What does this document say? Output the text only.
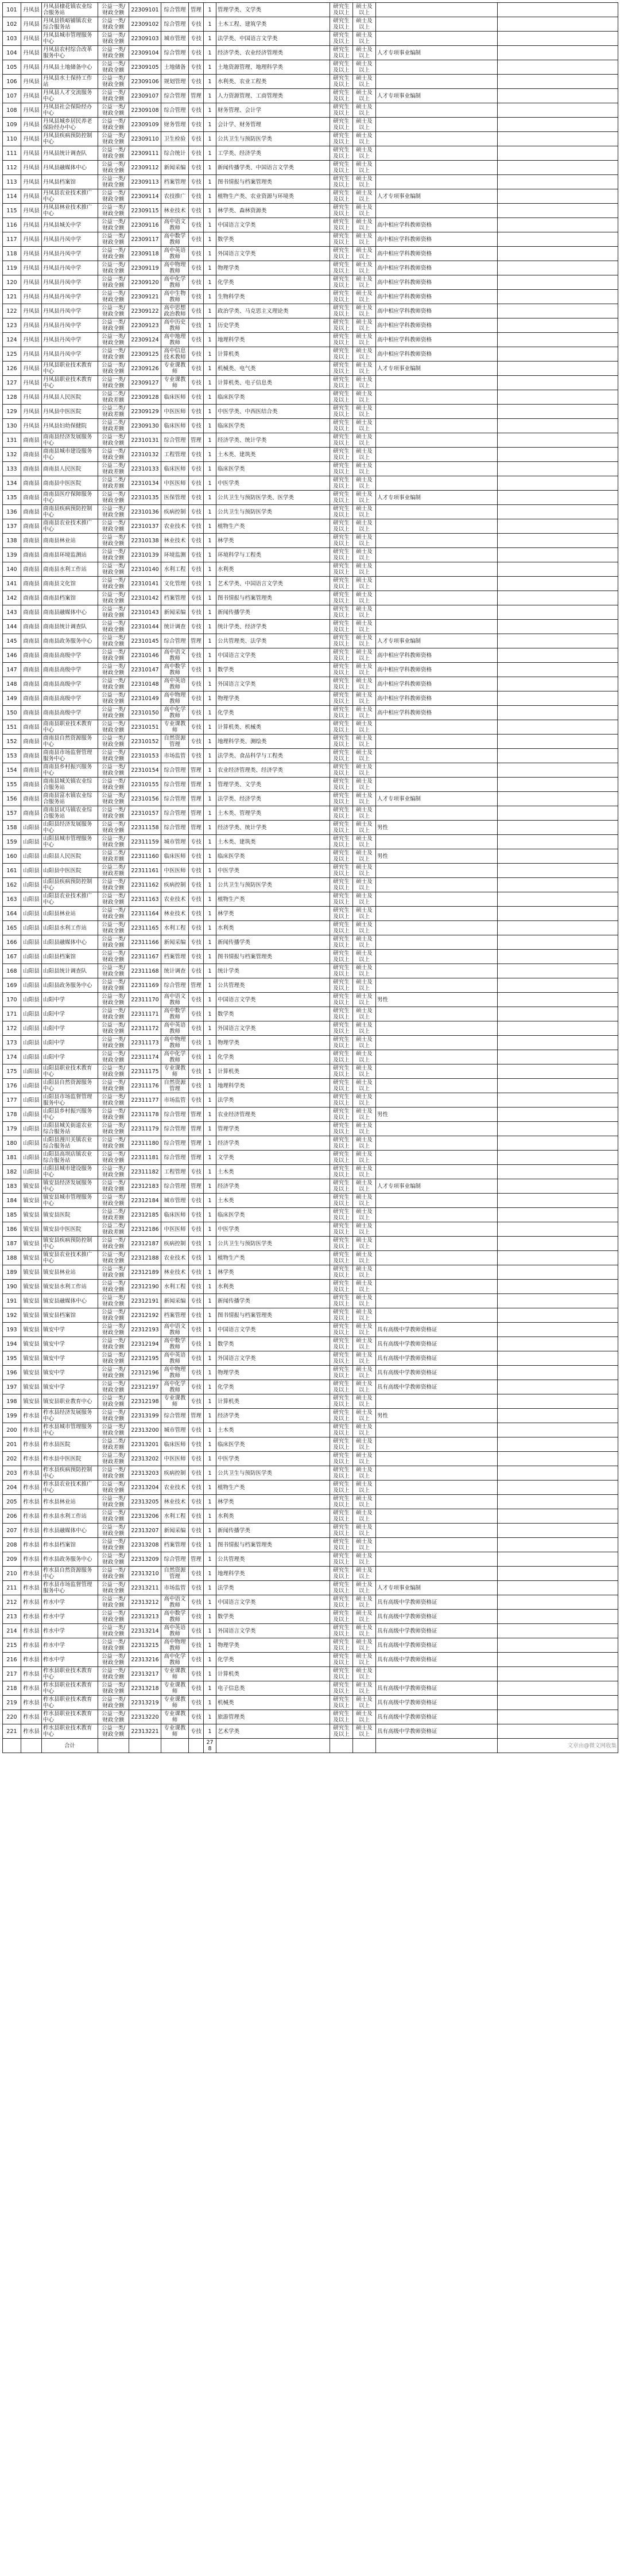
101	丹凤县	丹凤县棣花镇农业综合服务站	公益一类/财政全额	22309101	综合管理	管理	1	管理学类、文学类	研究生及以上	硕士及以上		
102	丹凤县	丹凤县铁峪铺镇农业综合服务站	公益一类/财政全额	22309102	综合管理	专技	1	土木工程、建筑学类	研究生及以上	硕士及以上		
103	丹凤县	丹凤县城市管理服务中心	公益一类/财政全额	22309103	城市管理	专技	1	法学类、中国语言文学类	研究生及以上	硕士及以上		
104	丹凤县	丹凤县农村综合改革服务中心	公益一类/财政全额	22309104	综合管理	专技	1	经济学类、农业经济管理类	研究生及以上	硕士及以上	人才专项事业编制	
105	丹凤县	丹凤县土地储备中心	公益一类/财政全额	22309105	土地储备	专技	1	土地资源管理、地理科学类	研究生及以上	硕士及以上		
106	丹凤县	丹凤县水土保持工作站	公益一类/财政全额	22309106	规划管理	专技	1	水利类、农业工程类	研究生及以上	硕士及以上		
107	丹凤县	丹凤县人才交流服务中心	公益一类/财政全额	22309107	综合管理	管理	1	人力资源管理、工商管理类	研究生及以上	硕士及以上	人才专项事业编制	
108	丹凤县	丹凤县社会保险经办中心	公益一类/财政全额	22309108	综合管理	专技	1	财务管理、会计学	研究生及以上	硕士及以上		
109	丹凤县	丹凤县城乡居民养老保险经办中心	公益一类/财政全额	22309109	财务管理	专技	1	会计学、财务管理	研究生及以上	硕士及以上		
110	丹凤县	丹凤县疾病预防控制中心	公益一类/财政全额	22309110	卫生检验	专技	1	公共卫生与预防医学类	研究生及以上	硕士及以上		
111	丹凤县	丹凤县统计调查队	公益一类/财政全额	22309111	综合统计	专技	1	工学类、经济学类	研究生及以上	硕士及以上		
112	丹凤县	丹凤县融媒体中心	公益一类/财政全额	22309112	新闻采编	专技	1	新闻传播学类、中国语言文学类	研究生及以上	硕士及以上		
113	丹凤县	丹凤县档案馆	公益一类/财政全额	22309113	档案管理	专技	1	图书情报与档案管理类	研究生及以上	硕士及以上		
114	丹凤县	丹凤县农业技术推广中心	公益一类/财政全额	22309114	农技推广	专技	1	植物生产类、农业资源与环境类	研究生及以上	硕士及以上	人才专项事业编制	
115	丹凤县	丹凤县林业技术推广中心	公益一类/财政全额	22309115	林业技术	专技	1	林学类、森林资源类	研究生及以上	硕士及以上		
116	丹凤县	丹凤县城关中学	公益一类/财政全额	22309116	高中语文教师	专技	1	中国语言文学类	研究生及以上	硕士及以上	高中相应学科教师资格	
117	丹凤县	丹凤县丹凤中学	公益一类/财政全额	22309117	高中数学教师	专技	1	数学类	研究生及以上	硕士及以上	高中相应学科教师资格	
118	丹凤县	丹凤县丹凤中学	公益一类/财政全额	22309118	高中英语教师	专技	1	外国语言文学类	研究生及以上	硕士及以上	高中相应学科教师资格	
119	丹凤县	丹凤县丹凤中学	公益一类/财政全额	22309119	高中物理教师	专技	1	物理学类	研究生及以上	硕士及以上	高中相应学科教师资格	
120	丹凤县	丹凤县丹凤中学	公益一类/财政全额	22309120	高中化学教师	专技	1	化学类	研究生及以上	硕士及以上	高中相应学科教师资格	
121	丹凤县	丹凤县丹凤中学	公益一类/财政全额	22309121	高中生物教师	专技	1	生物科学类	研究生及以上	硕士及以上	高中相应学科教师资格	
122	丹凤县	丹凤县丹凤中学	公益一类/财政全额	22309122	高中思想政治教师	专技	1	政治学类、马克思主义理论类	研究生及以上	硕士及以上	高中相应学科教师资格	
123	丹凤县	丹凤县丹凤中学	公益一类/财政全额	22309123	高中历史教师	专技	1	历史学类	研究生及以上	硕士及以上	高中相应学科教师资格	
124	丹凤县	丹凤县丹凤中学	公益一类/财政全额	22309124	高中地理教师	专技	1	地理科学类	研究生及以上	硕士及以上	高中相应学科教师资格	
125	丹凤县	丹凤县丹凤中学	公益一类/财政全额	22309125	高中信息技术教师	专技	1	计算机类	研究生及以上	硕士及以上	高中相应学科教师资格	
126	丹凤县	丹凤县职业技术教育中心	公益一类/财政全额	22309126	专业课教师	专技	1	机械类、电气类	研究生及以上	硕士及以上	人才专项事业编制	
127	丹凤县	丹凤县职业技术教育中心	公益一类/财政全额	22309127	专业课教师	专技	1	计算机类、电子信息类	研究生及以上	硕士及以上		
128	丹凤县	丹凤县人民医院	公益二类/财政差额	22309128	临床医师	专技	1	临床医学类	研究生及以上	硕士及以上		
129	丹凤县	丹凤县中医医院	公益二类/财政差额	22309129	中医医师	专技	1	中医学类、中西医结合类	研究生及以上	硕士及以上		
130	丹凤县	丹凤县妇幼保健院	公益二类/财政差额	22309130	临床医师	专技	1	临床医学类	研究生及以上	硕士及以上		
131	商南县	商南县经济发展服务中心	公益一类/财政全额	22310131	综合管理	管理	1	经济学类、统计学类	研究生及以上	硕士及以上		
132	商南县	商南县城市建设服务中心	公益一类/财政全额	22310132	工程管理	专技	1	土木类、建筑类	研究生及以上	硕士及以上		
133	商南县	商南县人民医院	公益二类/财政差额	22310133	临床医师	专技	1	临床医学类	研究生及以上	硕士及以上		
134	商南县	商南县中医医院	公益二类/财政差额	22310134	中医医师	专技	1	中医学类	研究生及以上	硕士及以上		
135	商南县	商南县医疗保障服务中心	公益一类/财政全额	22310135	医保管理	专技	1	公共卫生与预防医学类、医学类	研究生及以上	硕士及以上	人才专项事业编制	
136	商南县	商南县疾病预防控制中心	公益一类/财政全额	22310136	疾病控制	专技	1	公共卫生与预防医学类	研究生及以上	硕士及以上		
137	商南县	商南县农业技术推广中心	公益一类/财政全额	22310137	农业技术	专技	1	植物生产类	研究生及以上	硕士及以上		
138	商南县	商南县林业站	公益一类/财政全额	22310138	林业技术	专技	1	林学类	研究生及以上	硕士及以上		
139	商南县	商南县环境监测站	公益一类/财政全额	22310139	环境监测	专技	1	环境科学与工程类	研究生及以上	硕士及以上		
140	商南县	商南县水利工作站	公益一类/财政全额	22310140	水利工程	专技	1	水利类	研究生及以上	硕士及以上		
141	商南县	商南县文化馆	公益一类/财政全额	22310141	文化管理	专技	1	艺术学类、中国语言文学类	研究生及以上	硕士及以上		
142	商南县	商南县档案馆	公益一类/财政全额	22310142	档案管理	专技	1	图书情报与档案管理类	研究生及以上	硕士及以上		
143	商南县	商南县融媒体中心	公益一类/财政全额	22310143	新闻采编	专技	1	新闻传播学类	研究生及以上	硕士及以上		
144	商南县	商南县统计调查队	公益一类/财政全额	22310144	统计调查	专技	1	统计学类、经济学类	研究生及以上	硕士及以上		
145	商南县	商南县政务服务中心	公益一类/财政全额	22310145	综合管理	管理	1	公共管理类、法学类	研究生及以上	硕士及以上	人才专项事业编制	
146	商南县	商南县高级中学	公益一类/财政全额	22310146	高中语文教师	专技	1	中国语言文学类	研究生及以上	硕士及以上	高中相应学科教师资格	
147	商南县	商南县高级中学	公益一类/财政全额	22310147	高中数学教师	专技	1	数学类	研究生及以上	硕士及以上	高中相应学科教师资格	
148	商南县	商南县高级中学	公益一类/财政全额	22310148	高中英语教师	专技	1	外国语言文学类	研究生及以上	硕士及以上	高中相应学科教师资格	
149	商南县	商南县高级中学	公益一类/财政全额	22310149	高中物理教师	专技	1	物理学类	研究生及以上	硕士及以上	高中相应学科教师资格	
150	商南县	商南县高级中学	公益一类/财政全额	22310150	高中化学教师	专技	1	化学类	研究生及以上	硕士及以上	高中相应学科教师资格	
151	商南县	商南县职业技术教育中心	公益一类/财政全额	22310151	专业课教师	专技	1	计算机类、机械类	研究生及以上	硕士及以上		
152	商南县	商南县自然资源服务中心	公益一类/财政全额	22310152	自然资源管理	专技	1	地理科学类、测绘类	研究生及以上	硕士及以上		
153	商南县	商南县市场监督管理服务中心	公益一类/财政全额	22310153	市场监管	专技	1	法学类、食品科学与工程类	研究生及以上	硕士及以上		
154	商南县	商南县乡村振兴服务中心	公益一类/财政全额	22310154	综合管理	管理	1	农业经济管理类、经济学类	研究生及以上	硕士及以上		
155	商南县	商南县城关镇农业综合服务站	公益一类/财政全额	22310155	综合管理	管理	1	管理学类、文学类	研究生及以上	硕士及以上		
156	商南县	商南县富水镇农业综合服务站	公益一类/财政全额	22310156	综合管理	管理	1	法学类、经济学类	研究生及以上	硕士及以上	人才专项事业编制	
157	商南县	商南县试马镇农业综合服务站	公益一类/财政全额	22310157	综合管理	管理	1	土木类、管理学类	研究生及以上	硕士及以上		
158	山阳县	山阳县经济发展服务中心	公益一类/财政全额	22311158	综合管理	管理	1	经济学类、统计学类	研究生及以上	硕士及以上	男性	
159	山阳县	山阳县城市管理服务中心	公益一类/财政全额	22311159	城市管理	专技	1	土木类、建筑类	研究生及以上	硕士及以上		
160	山阳县	山阳县人民医院	公益二类/财政差额	22311160	临床医师	专技	1	临床医学类	研究生及以上	硕士及以上	男性	
161	山阳县	山阳县中医医院	公益二类/财政差额	22311161	中医医师	专技	1	中医学类	研究生及以上	硕士及以上		
162	山阳县	山阳县疾病预防控制中心	公益一类/财政全额	22311162	疾病控制	专技	1	公共卫生与预防医学类	研究生及以上	硕士及以上		
163	山阳县	山阳县农业技术推广中心	公益一类/财政全额	22311163	农业技术	专技	1	植物生产类	研究生及以上	硕士及以上		
164	山阳县	山阳县林业站	公益一类/财政全额	22311164	林业技术	专技	1	林学类	研究生及以上	硕士及以上		
165	山阳县	山阳县水利工作站	公益一类/财政全额	22311165	水利工程	专技	1	水利类	研究生及以上	硕士及以上		
166	山阳县	山阳县融媒体中心	公益一类/财政全额	22311166	新闻采编	专技	1	新闻传播学类	研究生及以上	硕士及以上		
167	山阳县	山阳县档案馆	公益一类/财政全额	22311167	档案管理	专技	1	图书情报与档案管理类	研究生及以上	硕士及以上		
168	山阳县	山阳县统计调查队	公益一类/财政全额	22311168	统计调查	专技	1	统计学类	研究生及以上	硕士及以上		
169	山阳县	山阳县政务服务中心	公益一类/财政全额	22311169	综合管理	管理	1	公共管理类	研究生及以上	硕士及以上		
170	山阳县	山阳中学	公益一类/财政全额	22311170	高中语文教师	专技	1	中国语言文学类	研究生及以上	硕士及以上	男性	
171	山阳县	山阳中学	公益一类/财政全额	22311171	高中数学教师	专技	1	数学类	研究生及以上	硕士及以上		
172	山阳县	山阳中学	公益一类/财政全额	22311172	高中英语教师	专技	1	外国语言文学类	研究生及以上	硕士及以上		
173	山阳县	山阳中学	公益一类/财政全额	22311173	高中物理教师	专技	1	物理学类	研究生及以上	硕士及以上		
174	山阳县	山阳中学	公益一类/财政全额	22311174	高中化学教师	专技	1	化学类	研究生及以上	硕士及以上		
175	山阳县	山阳县职业技术教育中心	公益一类/财政全额	22311175	专业课教师	专技	1	计算机类	研究生及以上	硕士及以上		
176	山阳县	山阳县自然资源服务中心	公益一类/财政全额	22311176	自然资源管理	专技	1	地理科学类	研究生及以上	硕士及以上		
177	山阳县	山阳县市场监督管理服务中心	公益一类/财政全额	22311177	市场监管	专技	1	法学类	研究生及以上	硕士及以上		
178	山阳县	山阳县乡村振兴服务中心	公益一类/财政全额	22311178	综合管理	管理	1	农业经济管理类	研究生及以上	硕士及以上	男性	
179	山阳县	山阳县城关街道农业综合服务站	公益一类/财政全额	22311179	综合管理	管理	1	管理学类	研究生及以上	硕士及以上		
180	山阳县	山阳县漫川关镇农业综合服务站	公益一类/财政全额	22311180	综合管理	管理	1	经济学类	研究生及以上	硕士及以上		
181	山阳县	山阳县高坝店镇农业综合服务站	公益一类/财政全额	22311181	综合管理	管理	1	文学类	研究生及以上	硕士及以上		
182	山阳县	山阳县城市建设服务中心	公益一类/财政全额	22311182	工程管理	专技	1	土木类	研究生及以上	硕士及以上		
183	镇安县	镇安县经济发展服务中心	公益一类/财政全额	22312183	综合管理	管理	1	经济学类	研究生及以上	硕士及以上	人才专项事业编制	
184	镇安县	镇安县城市管理服务中心	公益一类/财政全额	22312184	城市管理	专技	1	土木类	研究生及以上	硕士及以上		
185	镇安县	镇安县医院	公益二类/财政差额	22312185	临床医师	专技	1	临床医学类	研究生及以上	硕士及以上		
186	镇安县	镇安县中医医院	公益二类/财政差额	22312186	中医医师	专技	1	中医学类	研究生及以上	硕士及以上		
187	镇安县	镇安县疾病预防控制中心	公益一类/财政全额	22312187	疾病控制	专技	1	公共卫生与预防医学类	研究生及以上	硕士及以上		
188	镇安县	镇安县农业技术推广中心	公益一类/财政全额	22312188	农业技术	专技	1	植物生产类	研究生及以上	硕士及以上		
189	镇安县	镇安县林业站	公益一类/财政全额	22312189	林业技术	专技	1	林学类	研究生及以上	硕士及以上		
190	镇安县	镇安县水利工作站	公益一类/财政全额	22312190	水利工程	专技	1	水利类	研究生及以上	硕士及以上		
191	镇安县	镇安县融媒体中心	公益一类/财政全额	22312191	新闻采编	专技	1	新闻传播学类	研究生及以上	硕士及以上		
192	镇安县	镇安县档案馆	公益一类/财政全额	22312192	档案管理	专技	1	图书情报与档案管理类	研究生及以上	硕士及以上		
193	镇安县	镇安中学	公益一类/财政全额	22312193	高中语文教师	专技	1	中国语言文学类	研究生及以上	硕士及以上	具有高级中学教师资格证	
194	镇安县	镇安中学	公益一类/财政全额	22312194	高中数学教师	专技	1	数学类	研究生及以上	硕士及以上	具有高级中学教师资格证	
195	镇安县	镇安中学	公益一类/财政全额	22312195	高中英语教师	专技	1	外国语言文学类	研究生及以上	硕士及以上	具有高级中学教师资格证	
196	镇安县	镇安中学	公益一类/财政全额	22312196	高中物理教师	专技	1	物理学类	研究生及以上	硕士及以上	具有高级中学教师资格证	
197	镇安县	镇安中学	公益一类/财政全额	22312197	高中化学教师	专技	1	化学类	研究生及以上	硕士及以上	具有高级中学教师资格证	
198	镇安县	镇安县职业教育中心	公益一类/财政全额	22312198	专业课教师	专技	1	计算机类	研究生及以上	硕士及以上		
199	柞水县	柞水县经济发展服务中心	公益一类/财政全额	22313199	综合管理	管理	1	经济学类	研究生及以上	硕士及以上	男性	
200	柞水县	柞水县城市管理服务中心	公益一类/财政全额	22313200	城市管理	专技	1	土木类	研究生及以上	硕士及以上		
201	柞水县	柞水县医院	公益二类/财政差额	22313201	临床医师	专技	1	临床医学类	研究生及以上	硕士及以上		
202	柞水县	柞水县中医医院	公益二类/财政差额	22313202	中医医师	专技	1	中医学类	研究生及以上	硕士及以上		
203	柞水县	柞水县疾病预防控制中心	公益一类/财政全额	22313203	疾病控制	专技	1	公共卫生与预防医学类	研究生及以上	硕士及以上		
204	柞水县	柞水县农业技术推广中心	公益一类/财政全额	22313204	农业技术	专技	1	植物生产类	研究生及以上	硕士及以上		
205	柞水县	柞水县林业站	公益一类/财政全额	22313205	林业技术	专技	1	林学类	研究生及以上	硕士及以上		
206	柞水县	柞水县水利工作站	公益一类/财政全额	22313206	水利工程	专技	1	水利类	研究生及以上	硕士及以上		
207	柞水县	柞水县融媒体中心	公益一类/财政全额	22313207	新闻采编	专技	1	新闻传播学类	研究生及以上	硕士及以上		
208	柞水县	柞水县档案馆	公益一类/财政全额	22313208	档案管理	专技	1	图书情报与档案管理类	研究生及以上	硕士及以上		
209	柞水县	柞水县政务服务中心	公益一类/财政全额	22313209	综合管理	管理	1	公共管理类	研究生及以上	硕士及以上		
210	柞水县	柞水县自然资源服务中心	公益一类/财政全额	22313210	自然资源管理	专技	1	地理科学类	研究生及以上	硕士及以上		
211	柞水县	柞水县市场监督管理服务中心	公益一类/财政全额	22313211	市场监管	专技	1	法学类	研究生及以上	硕士及以上	人才专项事业编制	
212	柞水县	柞水中学	公益一类/财政全额	22313212	高中语文教师	专技	1	中国语言文学类	研究生及以上	硕士及以上	具有高级中学教师资格证	
213	柞水县	柞水中学	公益一类/财政全额	22313213	高中数学教师	专技	1	数学类	研究生及以上	硕士及以上	具有高级中学教师资格证	
214	柞水县	柞水中学	公益一类/财政全额	22313214	高中英语教师	专技	1	外国语言文学类	研究生及以上	硕士及以上	具有高级中学教师资格证	
215	柞水县	柞水中学	公益一类/财政全额	22313215	高中物理教师	专技	1	物理学类	研究生及以上	硕士及以上	具有高级中学教师资格证	
216	柞水县	柞水中学	公益一类/财政全额	22313216	高中化学教师	专技	1	化学类	研究生及以上	硕士及以上	具有高级中学教师资格证	
217	柞水县	柞水县职业技术教育中心	公益一类/财政全额	22313217	专业课教师	专技	1	计算机类	研究生及以上	硕士及以上		
218	柞水县	柞水县职业技术教育中心	公益一类/财政全额	22313218	专业课教师	专技	1	电子信息类	研究生及以上	硕士及以上	具有高级中学教师资格证	
219	柞水县	柞水县职业技术教育中心	公益一类/财政全额	22313219	专业课教师	专技	1	机械类	研究生及以上	硕士及以上	具有高级中学教师资格证	
220	柞水县	柞水县职业技术教育中心	公益一类/财政全额	22313220	专业课教师	专技	1	旅游管理类	研究生及以上	硕士及以上	具有高级中学教师资格证	
221	柞水县	柞水县职业技术教育中心	公益一类/财政全额	22313221	专业课教师	专技	1	艺术学类	研究生及以上	硕士及以上	具有高级中学教师资格证	
		合计					278					文章由@微文网收集
